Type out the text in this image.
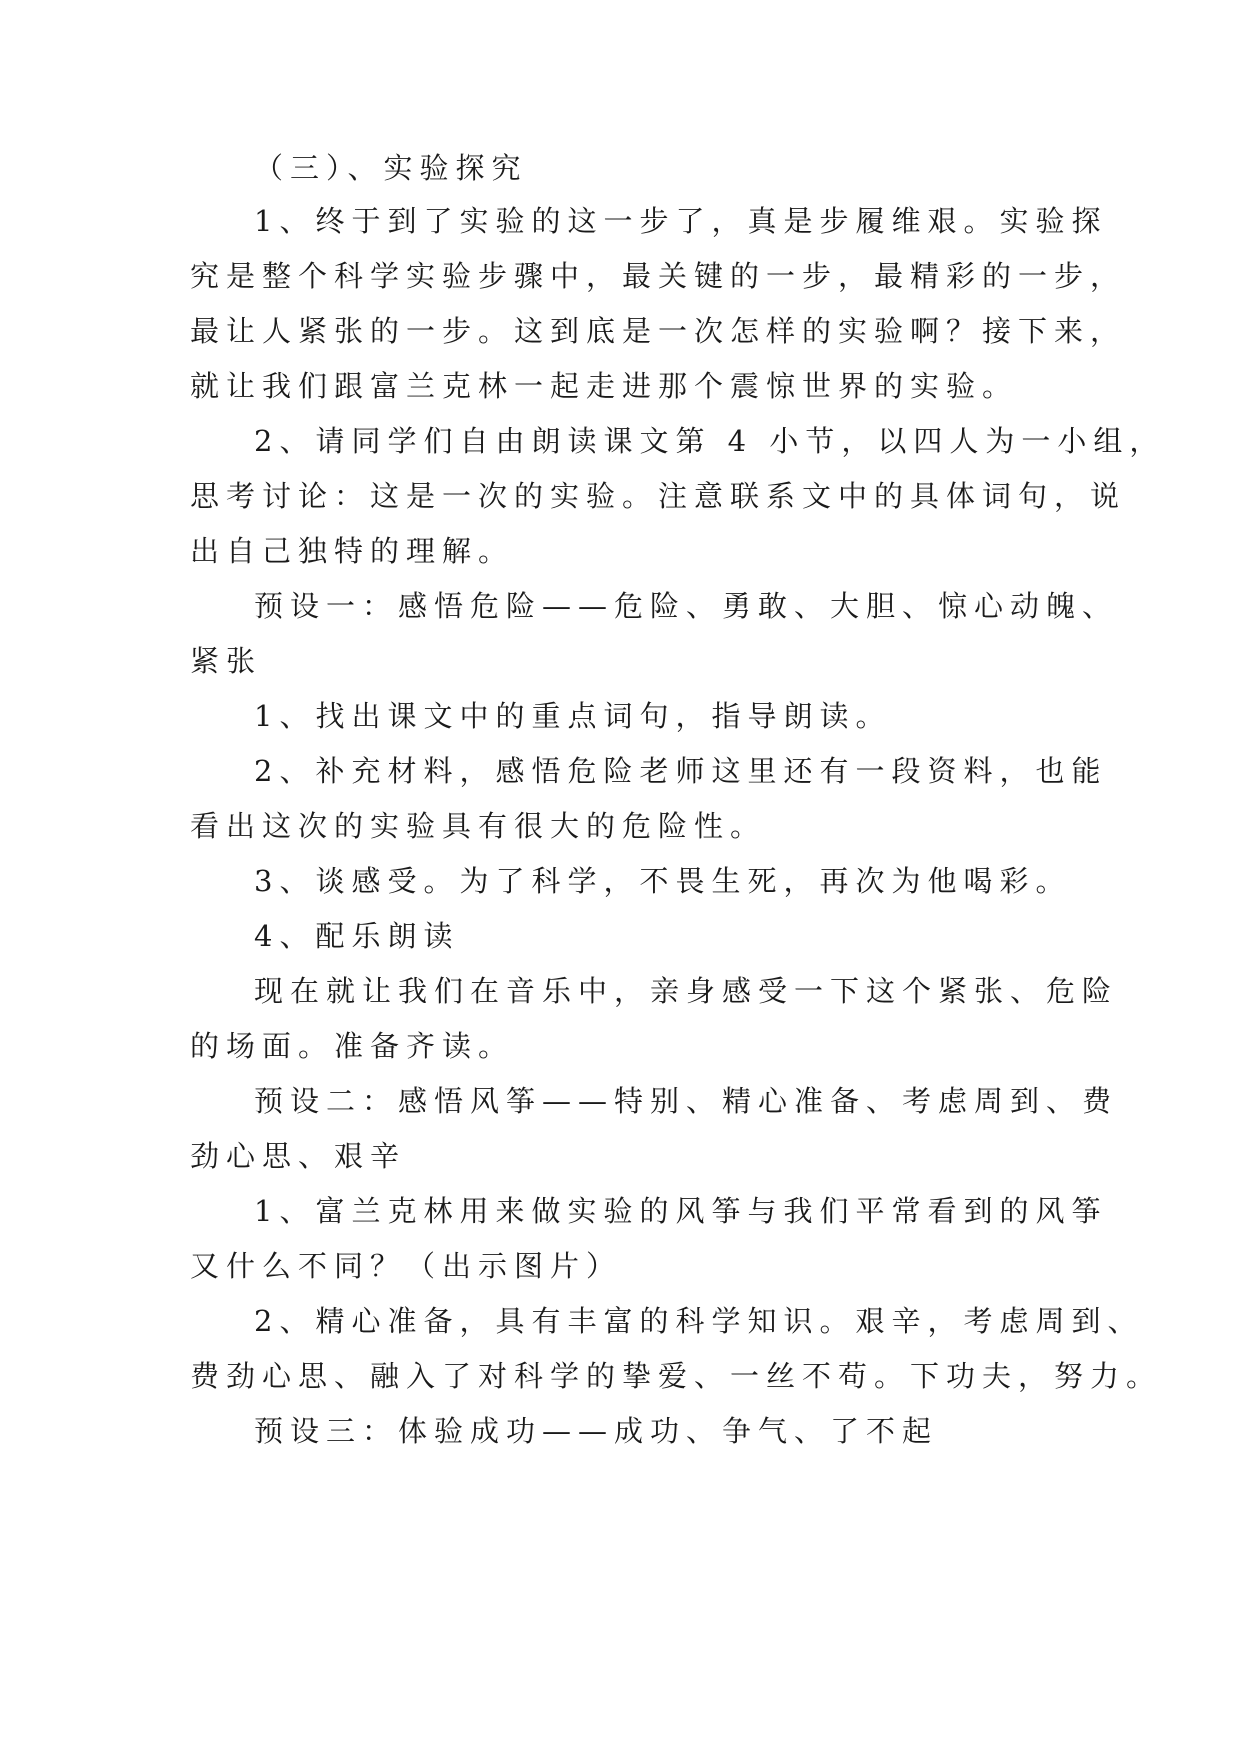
（三）、实验探究

1、终于到了实验的这一步了，真是步履维艰。实验探

究是整个科学实验步骤中，最关键的一步，最精彩的一步，

最让人紧张的一步。这到底是一次怎样的实验啊？接下来，

就让我们跟富兰克林一起走进那个震惊世界的实验。

2、请同学们自由朗读课文第 4 小节，以四人为一小组，

思考讨论：这是一次的实验。注意联系文中的具体词句，说

出自己独特的理解。

预设一：感悟危险——危险、勇敢、大胆、惊心动魄、

紧张

1、找出课文中的重点词句，指导朗读。

2、补充材料，感悟危险老师这里还有一段资料，也能

看出这次的实验具有很大的危险性。

3、谈感受。为了科学，不畏生死，再次为他喝彩。

4、配乐朗读

现在就让我们在音乐中，亲身感受一下这个紧张、危险

的场面。准备齐读。

预设二：感悟风筝——特别、精心准备、考虑周到、费

劲心思、艰辛

1、富兰克林用来做实验的风筝与我们平常看到的风筝

又什么不同？（出示图片）

2、精心准备，具有丰富的科学知识。艰辛，考虑周到、

费劲心思、融入了对科学的挚爱、一丝不苟。下功夫，努力。

预设三：体验成功——成功、争气、了不起
